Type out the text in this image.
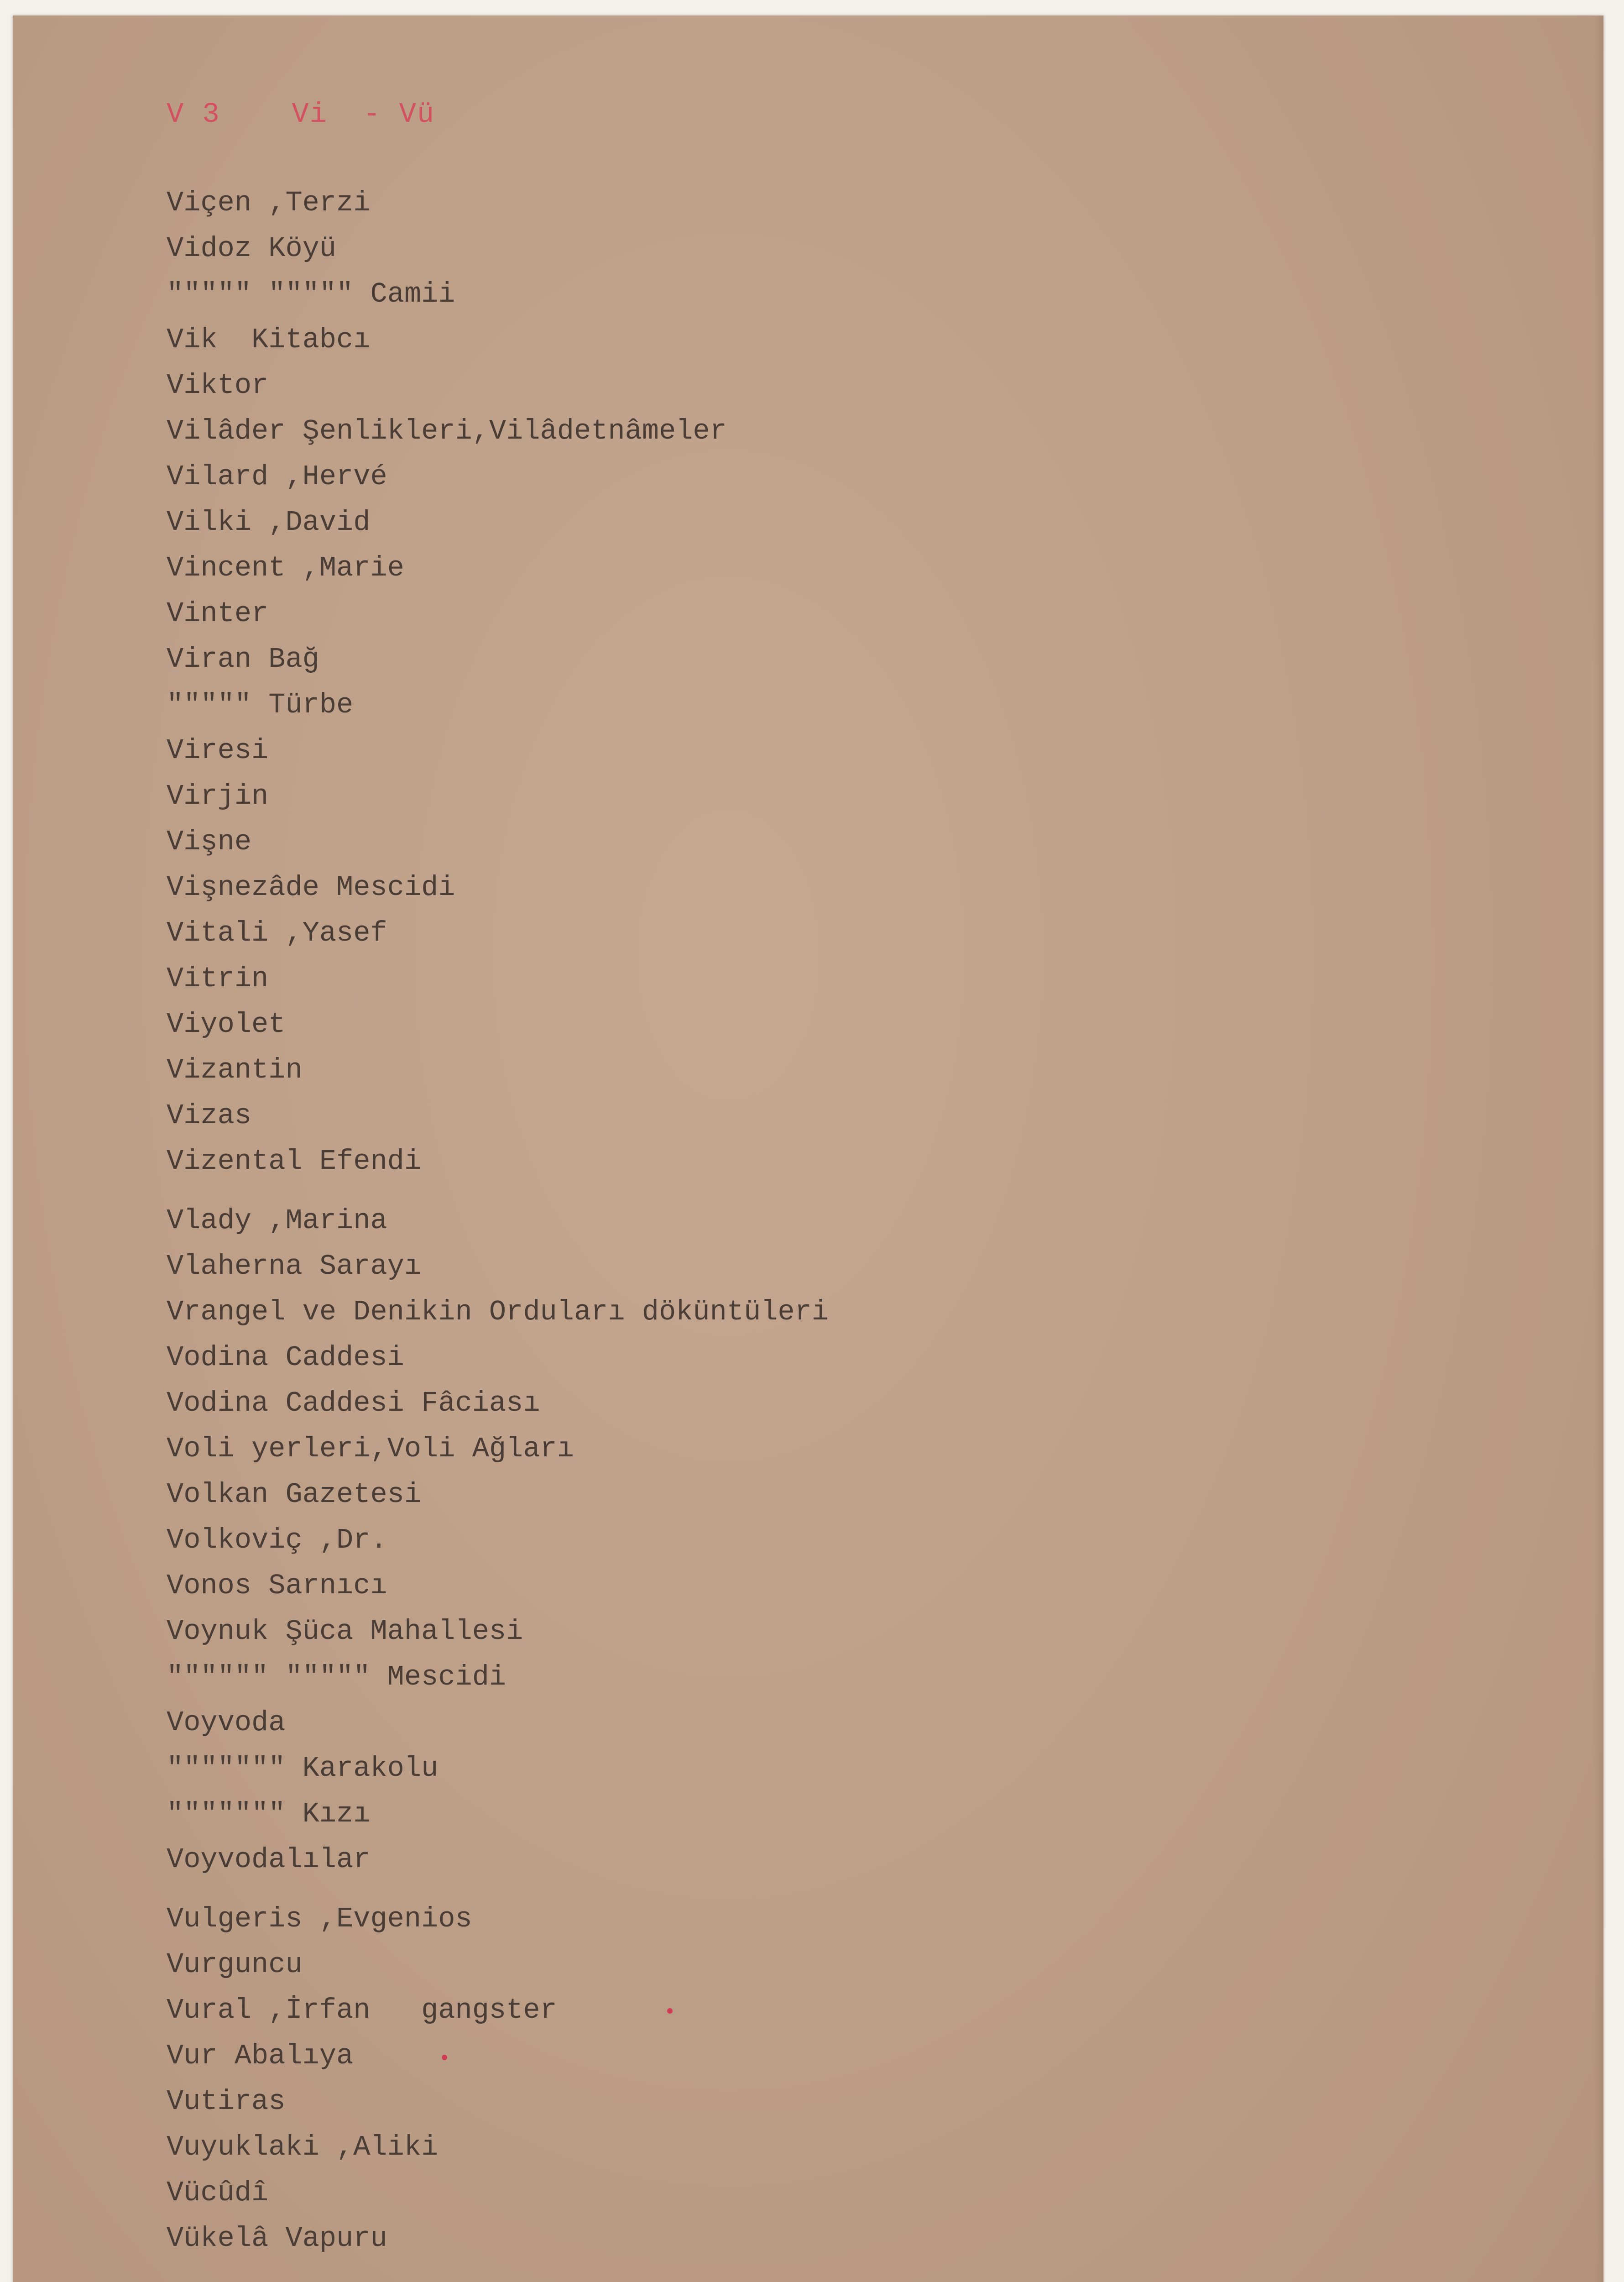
V 3    Vi  - Vü
Viçen ,Terzi
Vidoz Köyü
""""" """"" Camii
Vik  Kitabcı
Viktor
Vilâder Şenlikleri,Vilâdetnâmeler
Vilard ,Hervé
Vilki ,David
Vincent ,Marie
Vinter
Viran Bağ
""""" Türbe
Viresi
Virjin
Vişne
Vişnezâde Mescidi
Vitali ,Yasef
Vitrin
Viyolet
Vizantin
Vizas
Vizental Efendi
Vlady ,Marina
Vlaherna Sarayı
Vrangel ve Denikin Orduları döküntüleri
Vodina Caddesi
Vodina Caddesi Fâciası
Voli yerleri,Voli Ağları
Volkan Gazetesi
Volkoviç ,Dr.
Vonos Sarnıcı
Voynuk Şüca Mahallesi
"""""" """"" Mescidi
Voyvoda
""""""" Karakolu
""""""" Kızı
Voyvodalılar
Vulgeris ,Evgenios
Vurguncu
Vural ,İrfan   gangster
Vur Abalıya
Vutiras
Vuyuklaki ,Aliki
Vücûdî
Vükelâ Vapuru
